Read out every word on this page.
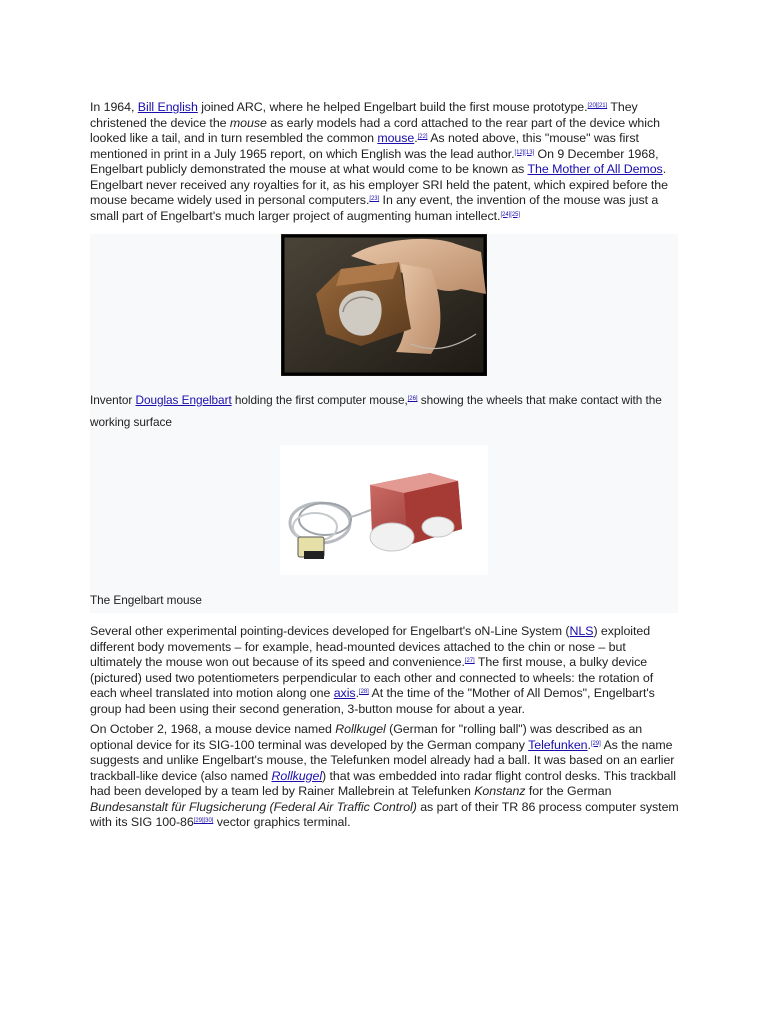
In 1964, Bill English joined ARC, where he helped Engelbart build the first mouse prototype.[20][21] They christened the device the mouse as early models had a cord attached to the rear part of the device which looked like a tail, and in turn resembled the common mouse.[22] As noted above, this "mouse" was first mentioned in print in a July 1965 report, on which English was the lead author.[12][13] On 9 December 1968, Engelbart publicly demonstrated the mouse at what would come to be known as The Mother of All Demos. Engelbart never received any royalties for it, as his employer SRI held the patent, which expired before the mouse became widely used in personal computers.[23] In any event, the invention of the mouse was just a small part of Engelbart's much larger project of augmenting human intellect.[24][25]

Inventor Douglas Engelbart holding the first computer mouse,[26] showing the wheels that make contact with the working surface

The Engelbart mouse

Several other experimental pointing-devices developed for Engelbart's oN-Line System (NLS) exploited different body movements – for example, head-mounted devices attached to the chin or nose – but ultimately the mouse won out because of its speed and convenience.[27] The first mouse, a bulky device (pictured) used two potentiometers perpendicular to each other and connected to wheels: the rotation of each wheel translated into motion along one axis.[28] At the time of the "Mother of All Demos", Engelbart's group had been using their second generation, 3-button mouse for about a year.

On October 2, 1968, a mouse device named Rollkugel (German for "rolling ball") was described as an optional device for its SIG-100 terminal was developed by the German company Telefunken.[29] As the name suggests and unlike Engelbart's mouse, the Telefunken model already had a ball. It was based on an earlier trackball-like device (also named Rollkugel) that was embedded into radar flight control desks. This trackball had been developed by a team led by Rainer Mallebrein at Telefunken Konstanz for the German Bundesanstalt für Flugsicherung (Federal Air Traffic Control) as part of their TR 86 process computer system with its SIG 100-86[29][30] vector graphics terminal.
